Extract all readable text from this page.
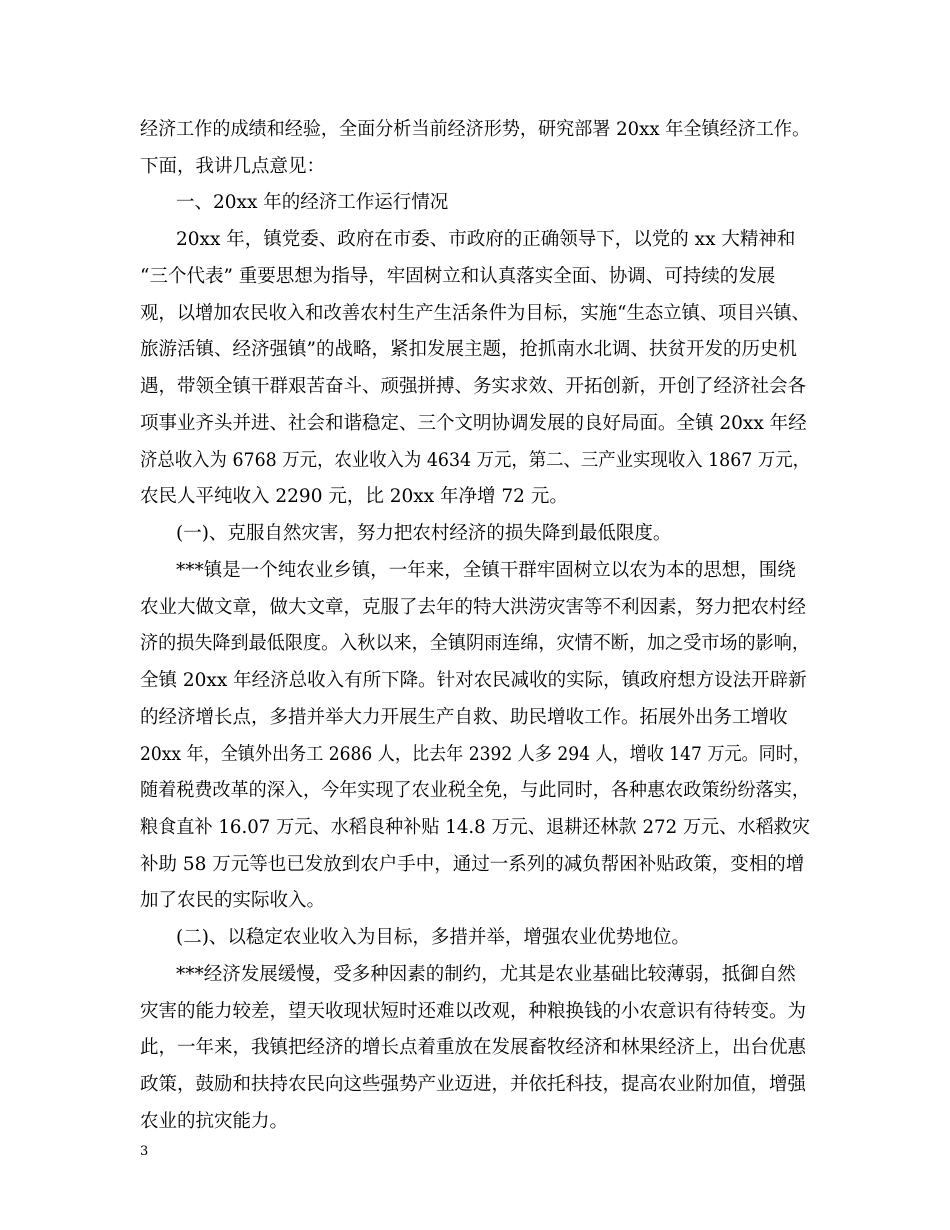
经济工作的成绩和经验，全面分析当前经济形势，研究部署 20xx 年全镇经济工作。
下面，我讲几点意见：
一、20xx 年的经济工作运行情况
20xx 年，镇党委、政府在市委、市政府的正确领导下，以党的 xx 大精神和
“三个代表” 重要思想为指导，牢固树立和认真落实全面、协调、可持续的发展
观，以增加农民收入和改善农村生产生活条件为目标，实施“生态立镇、项目兴镇、
旅游活镇、经济强镇”的战略，紧扣发展主题，抢抓南水北调、扶贫开发的历史机
遇，带领全镇干群艰苦奋斗、顽强拼搏、务实求效、开拓创新，开创了经济社会各
项事业齐头并进、社会和谐稳定、三个文明协调发展的良好局面。全镇 20xx 年经
济总收入为 6768 万元，农业收入为 4634 万元，第二、三产业实现收入 1867 万元，
农民人平纯收入 2290 元，比 20xx 年净增 72 元。
(一)、克服自然灾害，努力把农村经济的损失降到最低限度。
***镇是一个纯农业乡镇，一年来，全镇干群牢固树立以农为本的思想，围绕
农业大做文章，做大文章，克服了去年的特大洪涝灾害等不利因素，努力把农村经
济的损失降到最低限度。入秋以来，全镇阴雨连绵，灾情不断，加之受市场的影响，
全镇 20xx 年经济总收入有所下降。针对农民减收的实际，镇政府想方设法开辟新
的经济增长点，多措并举大力开展生产自救、助民增收工作。拓展外出务工增收
20xx 年，全镇外出务工 2686 人，比去年 2392 人多 294 人，增收 147 万元。同时，
随着税费改革的深入，今年实现了农业税全免，与此同时，各种惠农政策纷纷落实，
粮食直补 16.07 万元、水稻良种补贴 14.8 万元、退耕还林款 272 万元、水稻救灾
补助 58 万元等也已发放到农户手中，通过一系列的减负帮困补贴政策，变相的增
加了农民的实际收入。
(二)、以稳定农业收入为目标，多措并举，增强农业优势地位。
***经济发展缓慢，受多种因素的制约，尤其是农业基础比较薄弱，抵御自然
灾害的能力较差，望天收现状短时还难以改观，种粮换钱的小农意识有待转变。为
此，一年来，我镇把经济的增长点着重放在发展畜牧经济和林果经济上，出台优惠
政策，鼓励和扶持农民向这些强势产业迈进，并依托科技，提高农业附加值，增强
农业的抗灾能力。
3
